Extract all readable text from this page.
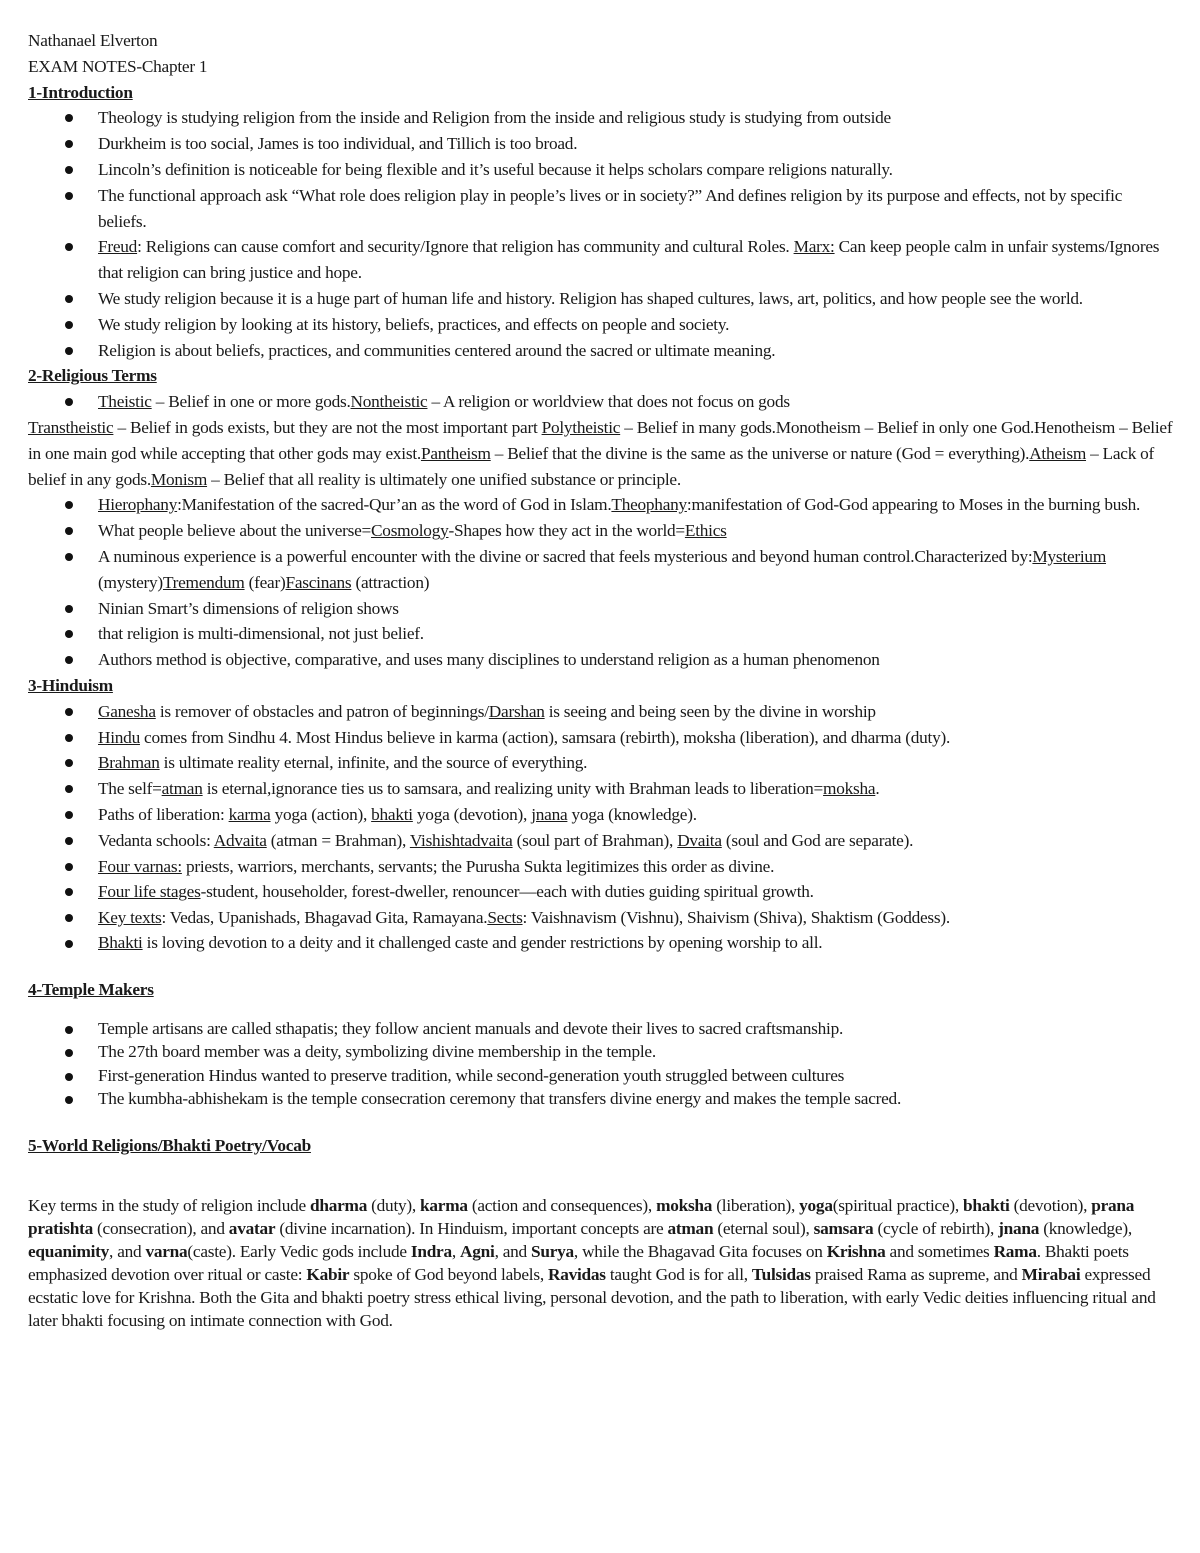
Nathanael Elverton
EXAM NOTES-Chapter 1
1-Introduction
Theology is studying religion from the inside and Religion from the inside and religious study is studying from outside
Durkheim is too social, James is too individual, and Tillich is too broad.
Lincoln’s definition is noticeable for being flexible and it’s useful because it helps scholars compare religions naturally.
The functional approach ask “What role does religion play in people’s lives or in society?” And defines religion by its purpose and effects, not by specific beliefs.
Freud: Religions can cause comfort and security/Ignore that religion has community and cultural Roles. Marx: Can keep people calm in unfair systems/Ignores that religion can bring justice and hope.
We study religion because it is a huge part of human life and history. Religion has shaped cultures, laws, art, politics, and how people see the world.
We study religion by looking at its history, beliefs, practices, and effects on people and society.
Religion is about beliefs, practices, and communities centered around the sacred or ultimate meaning.
2-Religious Terms
Theistic – Belief in one or more gods.Nontheistic – A religion or worldview that does not focus on gods
Transtheistic – Belief in gods exists, but they are not the most important part Polytheistic – Belief in many gods.Monotheism – Belief in only one God.Henotheism – Belief in one main god while accepting that other gods may exist.Pantheism – Belief that the divine is the same as the universe or nature (God = everything).Atheism – Lack of belief in any gods.Monism – Belief that all reality is ultimately one unified substance or principle.
Hierophany:Manifestation of the sacred-Qur’an as the word of God in Islam.Theophany:manifestation of God-God appearing to Moses in the burning bush.
What people believe about the universe=Cosmology-Shapes how they act in the world=Ethics
A numinous experience is a powerful encounter with the divine or sacred that feels mysterious and beyond human control.Characterized by:Mysterium (mystery)Tremendum (fear)Fascinans (attraction)
Ninian Smart’s dimensions of religion shows
that religion is multi-dimensional, not just belief.
Authors method is objective, comparative, and uses many disciplines to understand religion as a human phenomenon
3-Hinduism
Ganesha is remover of obstacles and patron of beginnings/Darshan is seeing and being seen by the divine in worship
Hindu comes from Sindhu 4. Most Hindus believe in karma (action), samsara (rebirth), moksha (liberation), and dharma (duty).
Brahman is ultimate reality eternal, infinite, and the source of everything.
The self=atman is eternal,ignorance ties us to samsara, and realizing unity with Brahman leads to liberation=moksha.
Paths of liberation: karma yoga (action), bhakti yoga (devotion), jnana yoga (knowledge).
Vedanta schools: Advaita (atman = Brahman), Vishishtadvaita (soul part of Brahman), Dvaita (soul and God are separate).
Four varnas: priests, warriors, merchants, servants; the Purusha Sukta legitimizes this order as divine.
Four life stages-student, householder, forest-dweller, renouncer—each with duties guiding spiritual growth.
Key texts: Vedas, Upanishads, Bhagavad Gita, Ramayana.Sects: Vaishnavism (Vishnu), Shaivism (Shiva), Shaktism (Goddess).
Bhakti is loving devotion to a deity and it challenged caste and gender restrictions by opening worship to all.
4-Temple Makers
Temple artisans are called sthapatis; they follow ancient manuals and devote their lives to sacred craftsmanship.
The 27th board member was a deity, symbolizing divine membership in the temple.
First-generation Hindus wanted to preserve tradition, while second-generation youth struggled between cultures
The kumbha-abhishekam is the temple consecration ceremony that transfers divine energy and makes the temple sacred.
5-World Religions/Bhakti Poetry/Vocab
Key terms in the study of religion include dharma (duty), karma (action and consequences), moksha (liberation), yoga(spiritual practice), bhakti (devotion), prana pratishta (consecration), and avatar (divine incarnation). In Hinduism, important concepts are atman (eternal soul), samsara (cycle of rebirth), jnana (knowledge), equanimity, and varna(caste). Early Vedic gods include Indra, Agni, and Surya, while the Bhagavad Gita focuses on Krishna and sometimes Rama. Bhakti poets emphasized devotion over ritual or caste: Kabir spoke of God beyond labels, Ravidas taught God is for all, Tulsidas praised Rama as supreme, and Mirabai expressed ecstatic love for Krishna. Both the Gita and bhakti poetry stress ethical living, personal devotion, and the path to liberation, with early Vedic deities influencing ritual and later bhakti focusing on intimate connection with God.
